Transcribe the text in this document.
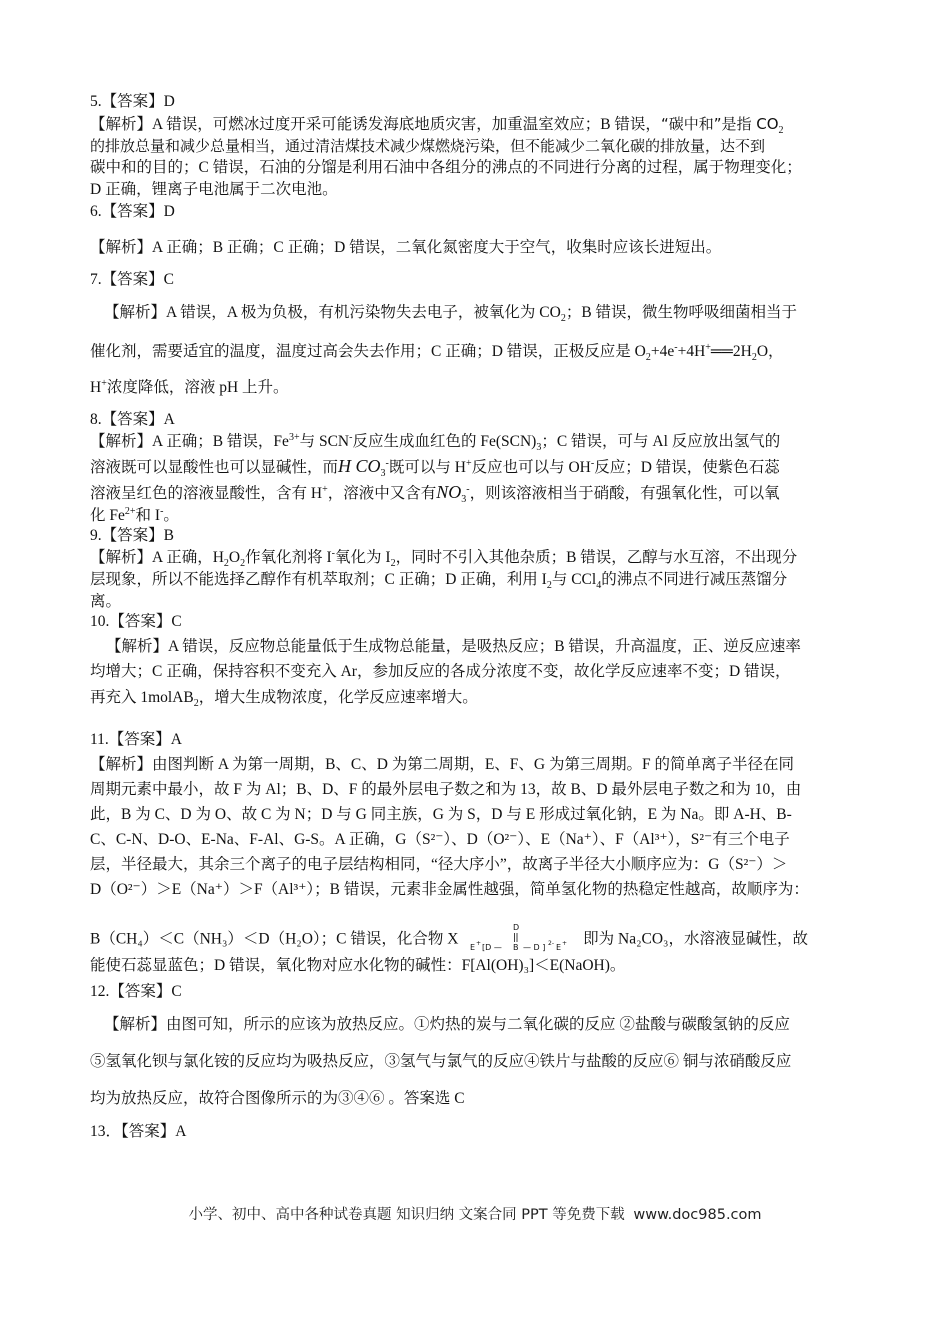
5.【答案】D
【解析】A 错误，可燃冰过度开采可能诱发海底地质灾害，加重温室效应；B 错误，“碳中和”是指 $CO_2$
的排放总量和减少总量相当，通过清洁煤技术减少煤燃烧污染，但不能减少二氧化碳的排放量，达不到
碳中和的目的；C 错误，石油的分馏是利用石油中各组分的沸点的不同进行分离的过程，属于物理变化；
D 正确，锂离子电池属于二次电池。
6.【答案】D
【解析】A 正确；B 正确；C 正确；D 错误，二氧化氮密度大于空气，收集时应该长进短出。
7.【答案】C
【解析】A 错误，A 极为负极，有机污染物失去电子，被氧化为 $CO_2$；B 错误，微生物呼吸细菌相当于
催化剂，需要适宜的温度，温度过高会失去作用；C 正确；D 错误，正极反应是 $O_2+4e^-+4H^+══2H_2O$，
H+浓度降低，溶液 pH 上升。
8.【答案】A
【解析】A 正确；B 错误，$Fe^{3+}$与 SCN-反应生成血红色的 $Fe(SCN)_3$；C 错误，可与 Al 反应放出氢气的
溶液既可以显酸性也可以显碱性，而H $CO_3^-$既可以与 H+反应也可以与 OH-反应；D 错误，使紫色石蕊
溶液呈红色的溶液显酸性，含有 H+，溶液中又含有$NO_3^-$，则该溶液相当于硝酸，有强氧化性，可以氧
化 $Fe^{2+}$和 I-。
9.【答案】B
【解析】A 正确，$H_2O_2$作氧化剂将 I-氧化为 $I_2$，同时不引入其他杂质；B 错误，乙醇与水互溶，不出现分
层现象，所以不能选择乙醇作有机萃取剂；C 正确；D 正确，利用 $I_2$与 CCl$_4$的沸点不同进行减压蒸馏分
离。
10.【答案】C
【解析】A 错误，反应物总能量低于生成物总能量，是吸热反应；B 错误，升高温度，正、逆反应速率
均增大；C 正确，保持容积不变充入 Ar，参加反应的各成分浓度不变，故化学反应速率不变；D 错误，
再充入 1molAB$_2$，增大生成物浓度，化学反应速率增大。
11.【答案】A
【解析】由图判断 A 为第一周期，B、C、D 为第二周期，E、F、G 为第三周期。F 的简单离子半径在同
周期元素中最小，故 F 为 Al；B、D、F 的最外层电子数之和为 13，故 B、D 最外层电子数之和为 10，由
此，B 为 C、D 为 O、故 C 为 N；D 与 G 同主族，G 为 S，D 与 E 形成过氧化钠，E 为 Na。即 A-H、B-
C、C-N、D-O、E-Na、F-Al、G-S。A 正确，G（S²⁻）、D（O²⁻）、E（Na⁺）、F（Al³⁺），S²⁻有三个电子
层，半径最大，其余三个离子的电子层结构相同，“径大序小”，故离子半径大小顺序应为：G（S²⁻）＞
D（O²⁻）＞E（Na⁺）＞F（Al³⁺）；B 错误，元素非金属性越强，简单氢化物的热稳定性越高，故顺序为：
B（CH₄）＜C（NH₃）＜D（H₂O）；C 错误，化合物 X E + [D — B — D ] 2- E +
D
即为 Na₂CO₃，水溶液显碱性，故
能使石蕊显蓝色；D 错误，氧化物对应水化物的碱性：F[Al(OH)₃]＜E(NaOH)。
12.【答案】C
【解析】由图可知，所示的应该为放热反应。①灼热的炭与二氧化碳的反应 ②盐酸与碳酸氢钠的反应
⑤氢氧化钡与氯化铵的反应均为吸热反应，③氢气与氯气的反应④铁片与盐酸的反应⑥ 铜与浓硝酸反应
均为放热反应，故符合图像所示的为③④⑥ 。答案选 C
13．【答案】A
小学、初中、高中各种试卷真题 知识归纳 文案合同 PPT 等免费下载 www.doc985.com
